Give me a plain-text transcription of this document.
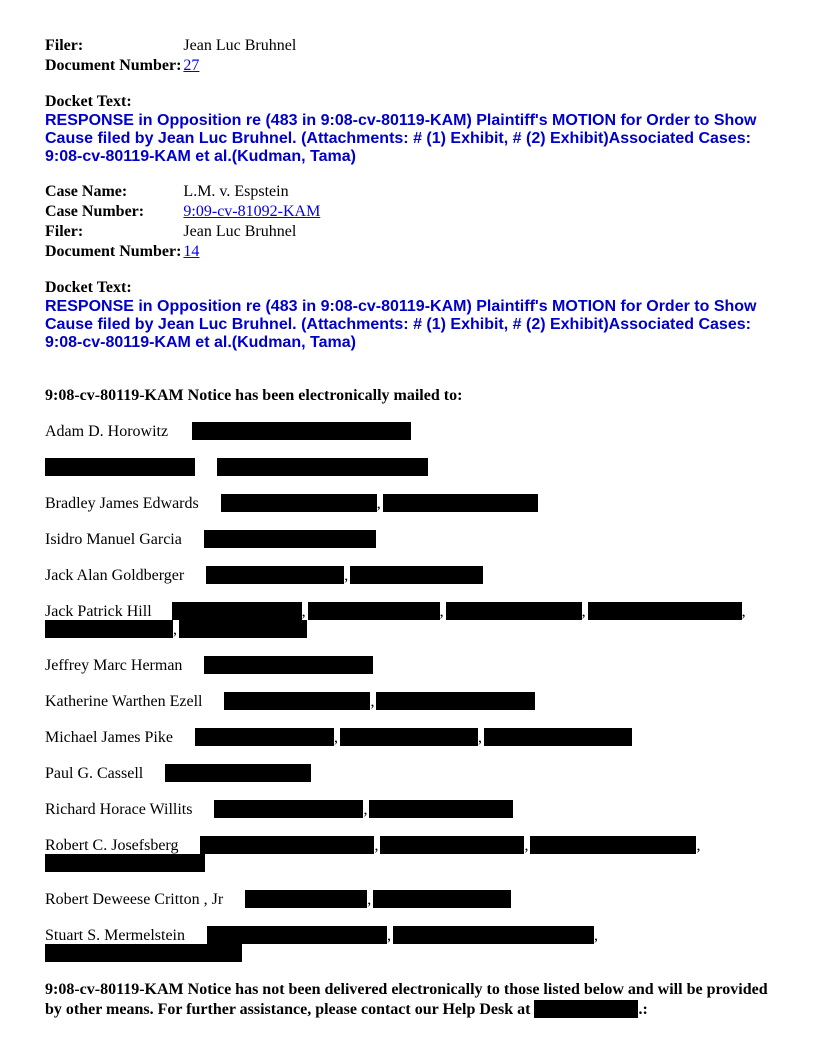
Filer:	Jean Luc Bruhnel
Document Number:	27
Docket Text:
RESPONSE in Opposition re (483 in 9:08-cv-80119-KAM) Plaintiff's MOTION for Order to Show Cause filed by Jean Luc Bruhnel. (Attachments: # (1) Exhibit, # (2) Exhibit)Associated Cases: 9:08-cv-80119-KAM et al.(Kudman, Tama)
Case Name:	L.M. v. Espstein
Case Number:	9:09-cv-81092-KAM
Filer:	Jean Luc Bruhnel
Document Number:	14
Docket Text:
RESPONSE in Opposition re (483 in 9:08-cv-80119-KAM) Plaintiff's MOTION for Order to Show Cause filed by Jean Luc Bruhnel. (Attachments: # (1) Exhibit, # (2) Exhibit)Associated Cases: 9:08-cv-80119-KAM et al.(Kudman, Tama)
9:08-cv-80119-KAM Notice has been electronically mailed to:
Adam D. Horowitz

Bradley James Edwards	,
Isidro Manuel Garcia
Jack Alan Goldberger	,
Jack Patrick Hill	,	,	,	,
,
Jeffrey Marc Herman
Katherine Warthen Ezell	,
Michael James Pike	,	,
Paul G. Cassell
Richard Horace Willits	,
Robert C. Josefsberg	,	,	,
Robert Deweese Critton , Jr	,
Stuart S. Mermelstein	,	,
9:08-cv-80119-KAM Notice has not been delivered electronically to those listed below and will be provided by other means. For further assistance, please contact our Help Desk at	.:
